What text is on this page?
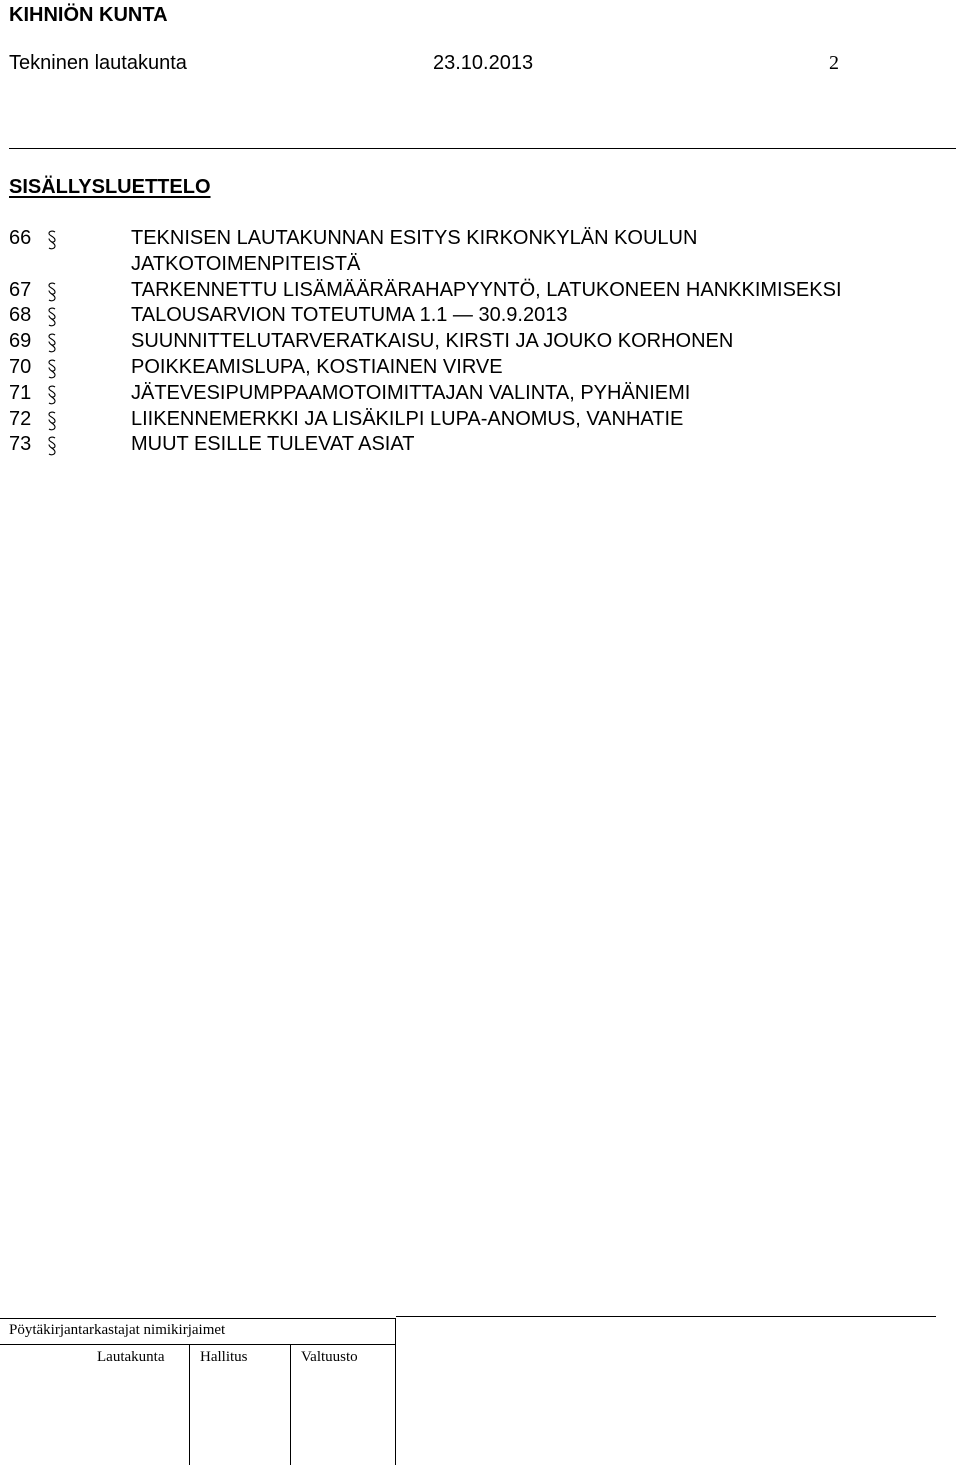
KIHNIÖN KUNTA
Tekninen lautakunta	23.10.2013	2
SISÄLLYSLUETTELO
66	TEKNISEN LAUTAKUNNAN ESITYS KIRKONKYLÄN KOULUN
JATKOTOIMENPITEISTÄ
67	TARKENNETTU LISÄMÄÄRÄRAHAPYYNTÖ, LATUKONEEN HANKKIMISEKSI
68	TALOUSARVION TOTEUTUMA 1.1 — 30.9.2013
69	SUUNNITTELUTARVERATKAISU, KIRSTI JA JOUKO KORHONEN
70	POIKKEAMISLUPA, KOSTIAINEN VIRVE
71	JÄTEVESIPUMPPAAMOTOIMITTAJAN VALINTA, PYHÄNIEMI
72	LIIKENNEMERKKI JA LISÄKILPI LUPA-ANOMUS, VANHATIE
73	MUUT ESILLE TULEVAT ASIAT
Pöytäkirjantarkastajat nimikirjaimet
Lautakunta Hallitus	Valtuusto
